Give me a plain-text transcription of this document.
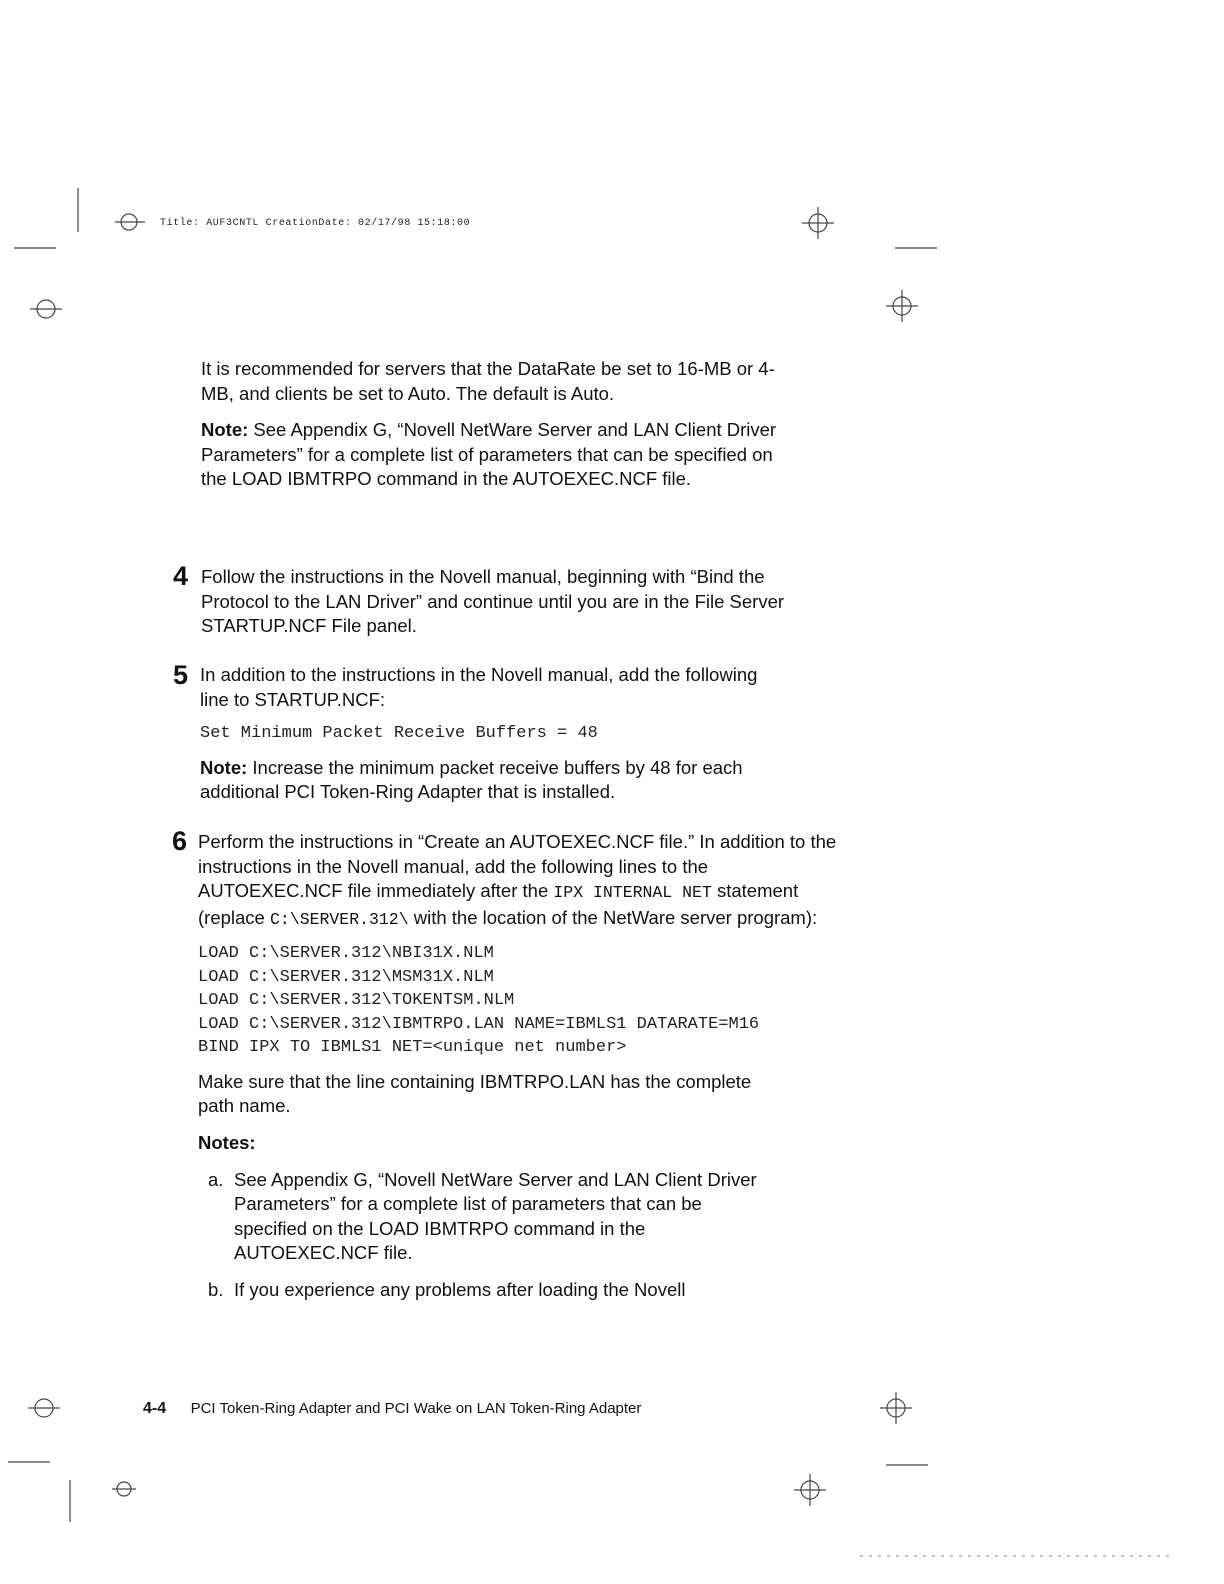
Title: AUF3CNTL CreationDate: 02/17/98 15:18:00

It is recommended for servers that the DataRate be set to 16-MB or 4-MB, and clients be set to Auto. The default is Auto.

Note: See Appendix G, “Novell NetWare Server and LAN Client Driver Parameters” for a complete list of parameters that can be specified on the LOAD IBMTRPO command in the AUTOEXEC.NCF file.

4 Follow the instructions in the Novell manual, beginning with “Bind the Protocol to the LAN Driver” and continue until you are in the File Server STARTUP.NCF File panel.

5 In addition to the instructions in the Novell manual, add the following line to STARTUP.NCF:

Set Minimum Packet Receive Buffers = 48

Note: Increase the minimum packet receive buffers by 48 for each additional PCI Token-Ring Adapter that is installed.

6 Perform the instructions in “Create an AUTOEXEC.NCF file.” In addition to the instructions in the Novell manual, add the following lines to the AUTOEXEC.NCF file immediately after the IPX INTERNAL NET statement (replace C:\SERVER.312\ with the location of the NetWare server program):

LOAD C:\SERVER.312\NBI31X.NLM
LOAD C:\SERVER.312\MSM31X.NLM
LOAD C:\SERVER.312\TOKENTSM.NLM
LOAD C:\SERVER.312\IBMTRPO.LAN NAME=IBMLS1 DATARATE=M16
BIND IPX TO IBMLS1 NET=<unique net number>

Make sure that the line containing IBMTRPO.LAN has the complete path name.

Notes:

a. See Appendix G, “Novell NetWare Server and LAN Client Driver Parameters” for a complete list of parameters that can be specified on the LOAD IBMTRPO command in the AUTOEXEC.NCF file.
b. If you experience any problems after loading the Novell
4-4 PCI Token-Ring Adapter and PCI Wake on LAN Token-Ring Adapter
